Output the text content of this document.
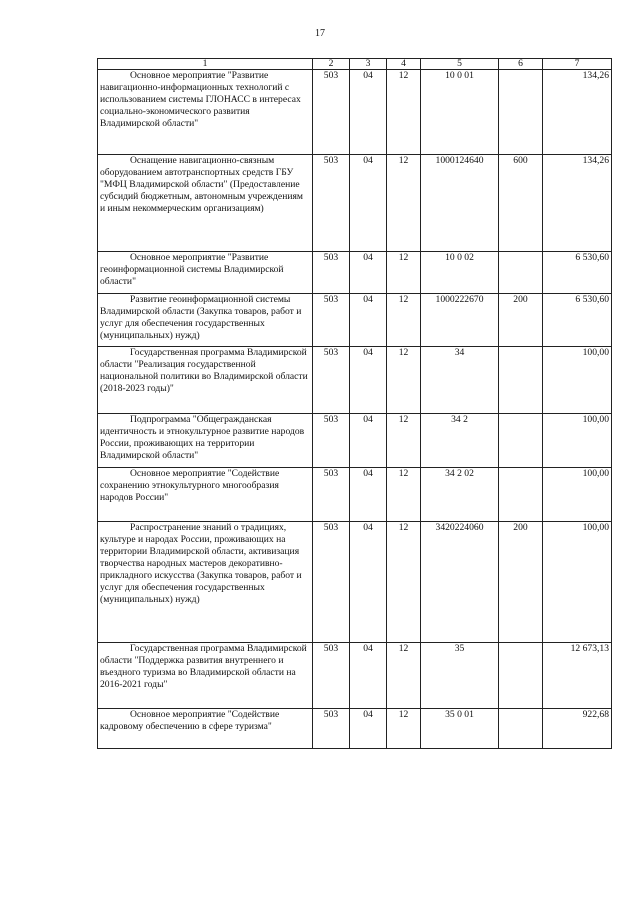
17
1	2	3	4	5	6	7
Основное мероприятие "Развитие навигационно-информационных технологий с использованием системы ГЛОНАСС в интересах социально-экономического развития Владимирской области"	503	04	12	10 0 01		134,26
Оснащение навигационно-связным оборудованием автотранспортных средств ГБУ "МФЦ Владимирской области" (Предоставление субсидий бюджетным, автономным учреждениям и иным некоммерческим организациям)	503	04	12	1000124640	600	134,26
Основное мероприятие "Развитие геоинформационной системы Владимирской области"	503	04	12	10 0 02		6 530,60
Развитие геоинформационной системы Владимирской области (Закупка товаров, работ и услуг для обеспечения государственных (муниципальных) нужд)	503	04	12	1000222670	200	6 530,60
Государственная программа Владимирской области "Реализация государственной национальной политики во Владимирской области (2018-2023 годы)"	503	04	12	34		100,00
Подпрограмма "Общегражданская идентичность и этнокультурное развитие народов России, проживающих на территории Владимирской области"	503	04	12	34 2		100,00
Основное мероприятие "Содействие сохранению этнокультурного многообразия народов России"	503	04	12	34 2 02		100,00
Распространение знаний о традициях, культуре и народах России, проживающих на территории Владимирской области, активизация творчества народных мастеров декоративно-прикладного искусства (Закупка товаров, работ и услуг для обеспечения государственных (муниципальных) нужд)	503	04	12	3420224060	200	100,00
Государственная программа Владимирской области "Поддержка развития внутреннего и въездного туризма во Владимирской области на 2016-2021 годы"	503	04	12	35		12 673,13
Основное мероприятие "Содействие кадровому обеспечению в сфере туризма"	503	04	12	35 0 01		922,68
